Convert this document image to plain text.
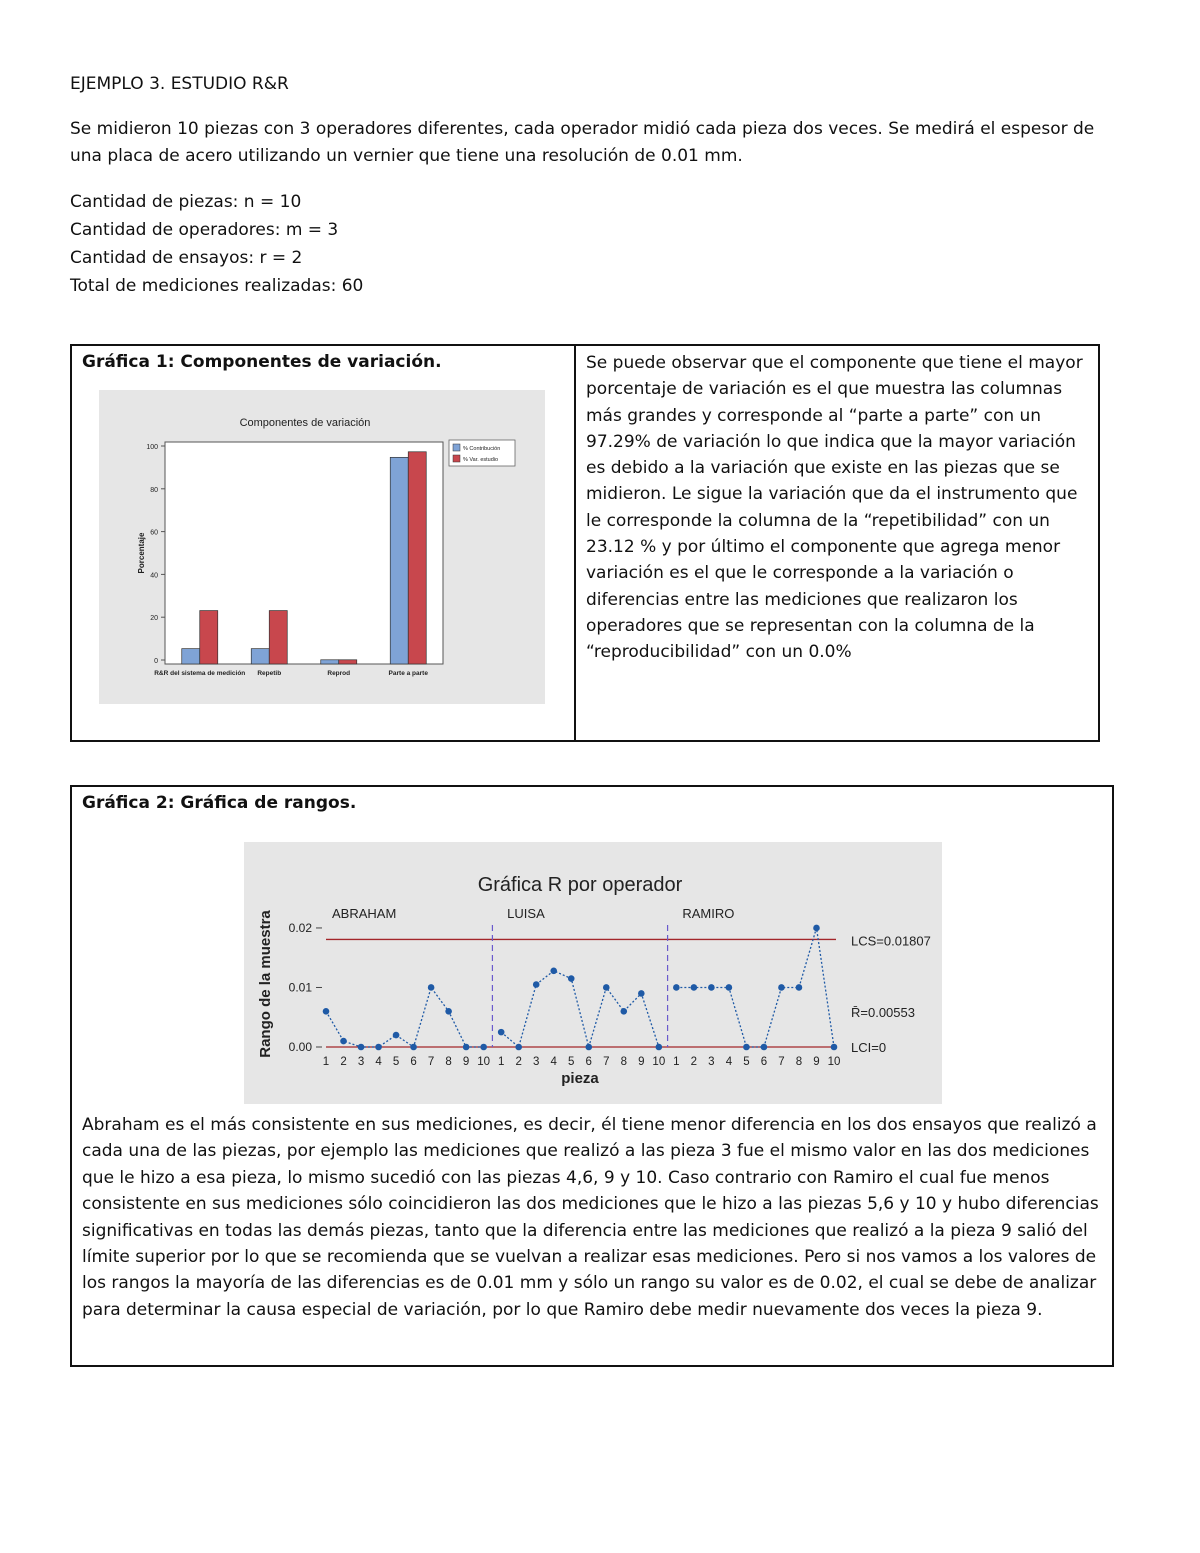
EJEMPLO 3. ESTUDIO R&R

Se midieron 10 piezas con 3 operadores diferentes, cada operador midió cada pieza dos veces. Se medirá el espesor de una placa de acero utilizando un vernier que tiene una resolución de 0.01 mm.

Cantidad de piezas: n = 10
Cantidad de operadores: m = 3
Cantidad de ensayos: r = 2
Total de mediciones realizadas: 60
Gráfica 1: Componentes de variación.
Componentes de variación
Porcentaje
0
20
40
60
80
100
R&R del sistema de medición Repetib	Reprod	Parte a parte
% Contribución
% Var. estudio

Se puede observar que el componente que tiene el mayor porcentaje de variación es el que muestra las columnas más grandes y corresponde al “parte a parte” con un 97.29% de variación lo que indica que la mayor variación es debido a la variación que existe en las piezas que se midieron. Le sigue la variación que da el instrumento que le corresponde la columna de la “repetibilidad” con un 23.12 % y por último el componente que agrega menor variación es el que le corresponde a la variación o diferencias entre las mediciones que realizaron los operadores que se representan con la columna de la “reproducibilidad” con un 0.0%
Gráfica 2: Gráfica de rangos.
Gráfica R por operador
Rango de la muestra
pieza
0.00
0.01
0.02
1 2 3 4 5 6 7 8 9 10 1 2 3 4 5 6 7 8 9 10 1 2 3 4 5 6 7 8 9 10
ABRAHAM	LUISA	RAMIRO
LCS=0.01807
R̄=0.00553
LCI=0
Abraham es el más consistente en sus mediciones, es decir, él tiene menor diferencia en los dos ensayos que realizó a cada una de las piezas, por ejemplo las mediciones que realizó a las pieza 3 fue el mismo valor en las dos mediciones que le hizo a esa pieza, lo mismo sucedió con las piezas 4,6, 9 y 10. Caso contrario con Ramiro el cual fue menos consistente en sus mediciones sólo coincidieron las dos mediciones que le hizo a las piezas 5,6 y 10 y hubo diferencias significativas en todas las demás piezas, tanto que la diferencia entre las mediciones que realizó a la pieza 9 salió del límite superior por lo que se recomienda que se vuelvan a realizar esas mediciones. Pero si nos vamos a los valores de los rangos la mayoría de las diferencias es de 0.01 mm y sólo un rango su valor es de 0.02, el cual se debe de analizar para determinar la causa especial de variación, por lo que Ramiro debe medir nuevamente dos veces la pieza 9.
